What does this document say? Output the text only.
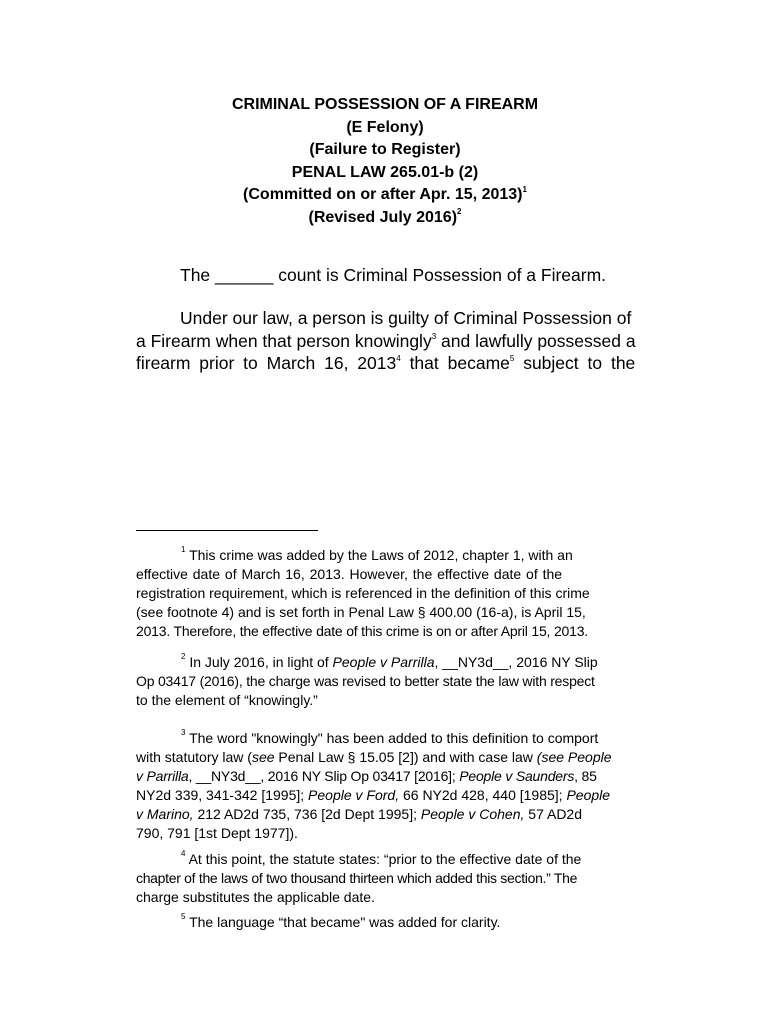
CRIMINAL POSSESSION OF A FIREARM
(E Felony)
(Failure to Register)
PENAL LAW 265.01-b (2)
(Committed on or after Apr. 15, 2013)$^1$
(Revised July 2016)$^2$
The ______ count is Criminal Possession of a Firearm.
Under our law, a person is guilty of Criminal Possession of
a Firearm when that person knowingly$^3$ and lawfully possessed a
firearm prior to March 16, 2013$^4$ that became$^5$ subject to the
$^1$ This crime was added by the Laws of 2012, chapter 1, with an
effective date of March 16, 2013. However, the effective date of the
registration requirement, which is referenced in the definition of this crime
(see footnote 4) and is set forth in Penal Law § 400.00 (16-a), is April 15,
2013. Therefore, the effective date of this crime is on or after April 15, 2013.
$^2$ In July 2016, in light of People v Parrilla, __NY3d__, 2016 NY Slip
Op 03417 (2016), the charge was revised to better state the law with respect
to the element of “knowingly.”
$^3$ The word "knowingly" has been added to this definition to comport
with statutory law (see Penal Law § 15.05 [2]) and with case law (see People
v Parrilla, __NY3d__, 2016 NY Slip Op 03417 [2016]; People v Saunders, 85
NY2d 339, 341-342 [1995]; People v Ford, 66 NY2d 428, 440 [1985]; People
v Marino, 212 AD2d 735, 736 [2d Dept 1995]; People v Cohen, 57 AD2d
790, 791 [1st Dept 1977]).
$^4$ At this point, the statute states: “prior to the effective date of the
chapter of the laws of two thousand thirteen which added this section.” The
charge substitutes the applicable date.
$^5$ The language “that became" was added for clarity.
